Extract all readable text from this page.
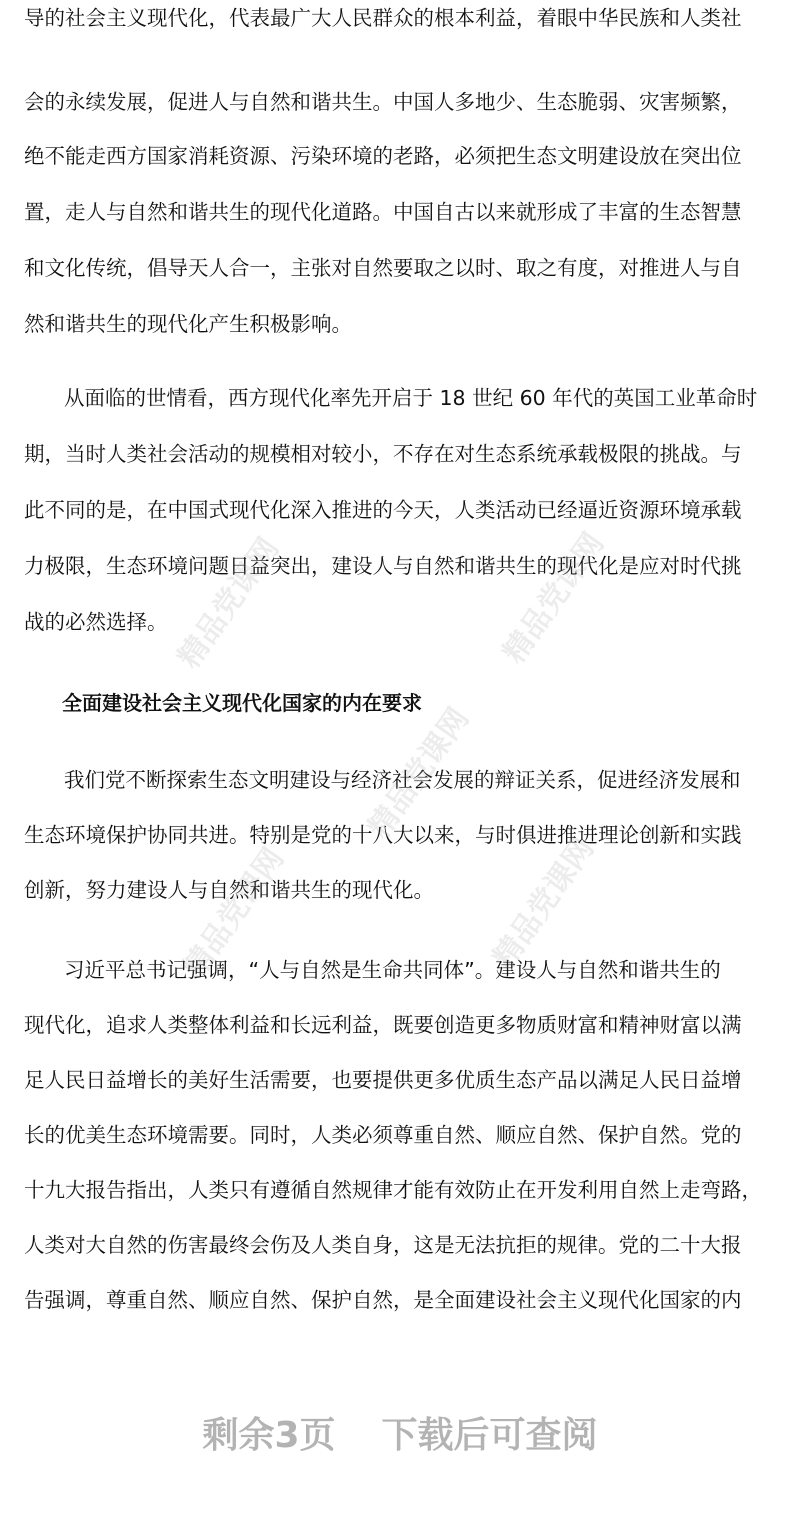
导的社会主义现代化，代表最广大人民群众的根本利益，着眼中华民族和人类社
会的永续发展，促进人与自然和谐共生。中国人多地少、生态脆弱、灾害频繁，
绝不能走西方国家消耗资源、污染环境的老路，必须把生态文明建设放在突出位
置，走人与自然和谐共生的现代化道路。中国自古以来就形成了丰富的生态智慧
和文化传统，倡导天人合一，主张对自然要取之以时、取之有度，对推进人与自
然和谐共生的现代化产生积极影响。
从面临的世情看，西方现代化率先开启于 18 世纪 60 年代的英国工业革命时
期，当时人类社会活动的规模相对较小，不存在对生态系统承载极限的挑战。与
此不同的是，在中国式现代化深入推进的今天，人类活动已经逼近资源环境承载
力极限，生态环境问题日益突出，建设人与自然和谐共生的现代化是应对时代挑
战的必然选择。
全面建设社会主义现代化国家的内在要求
我们党不断探索生态文明建设与经济社会发展的辩证关系，促进经济发展和
生态环境保护协同共进。特别是党的十八大以来，与时俱进推进理论创新和实践
创新，努力建设人与自然和谐共生的现代化。
习近平总书记强调，“人与自然是生命共同体”。建设人与自然和谐共生的
现代化，追求人类整体利益和长远利益，既要创造更多物质财富和精神财富以满
足人民日益增长的美好生活需要，也要提供更多优质生态产品以满足人民日益增
长的优美生态环境需要。同时，人类必须尊重自然、顺应自然、保护自然。党的
十九大报告指出，人类只有遵循自然规律才能有效防止在开发利用自然上走弯路，
人类对大自然的伤害最终会伤及人类自身，这是无法抗拒的规律。党的二十大报
告强调，尊重自然、顺应自然、保护自然，是全面建设社会主义现代化国家的内
精品党课网	精品党课网
精品党课网
精品党课网	精品党课网
剩余3页 下载后可查阅
